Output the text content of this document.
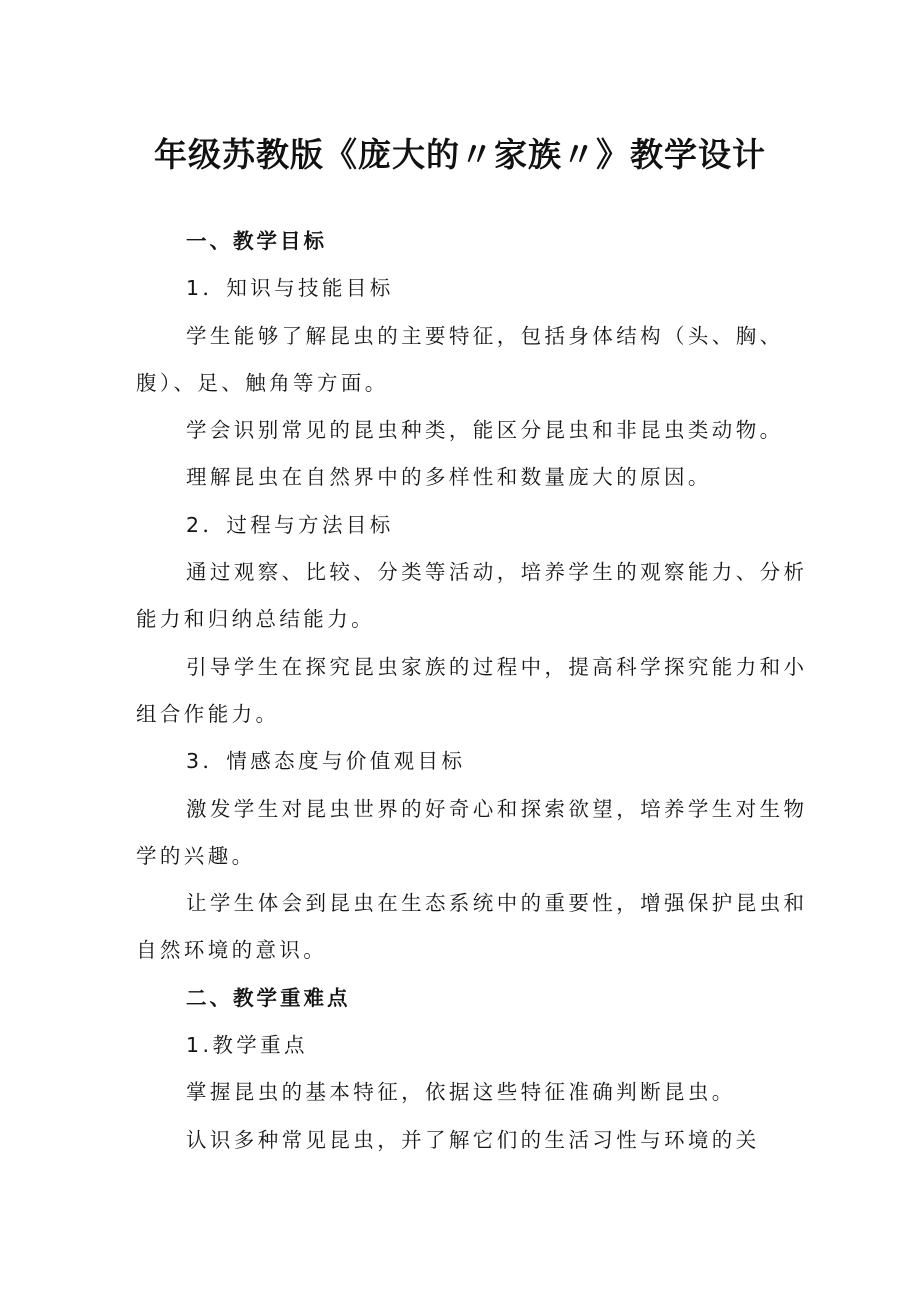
年级苏教版《庞大的〃家族〃》教学设计

一、教学目标

1．知识与技能目标

学生能够了解昆虫的主要特征，包括身体结构（头、胸、

腹）、足、触角等方面。

学会识别常见的昆虫种类，能区分昆虫和非昆虫类动物。

理解昆虫在自然界中的多样性和数量庞大的原因。

2．过程与方法目标

通过观察、比较、分类等活动，培养学生的观察能力、分析

能力和归纳总结能力。

引导学生在探究昆虫家族的过程中，提高科学探究能力和小

组合作能力。

3．情感态度与价值观目标

激发学生对昆虫世界的好奇心和探索欲望，培养学生对生物

学的兴趣。

让学生体会到昆虫在生态系统中的重要性，增强保护昆虫和

自然环境的意识。

二、教学重难点

1.教学重点

掌握昆虫的基本特征，依据这些特征准确判断昆虫。

认识多种常见昆虫，并了解它们的生活习性与环境的关
